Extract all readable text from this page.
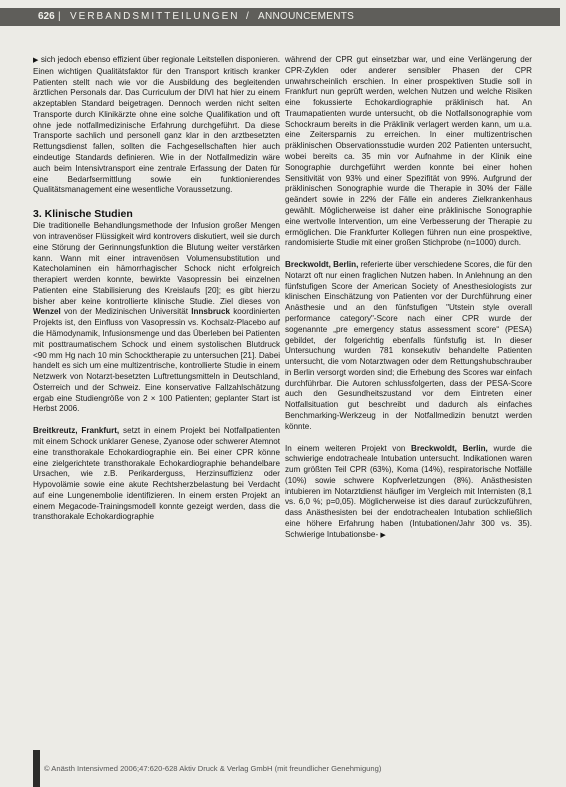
626 | VERBANDSMITTEILUNGEN / ANNOUNCEMENTS

▶ sich jedoch ebenso effizient über regionale Leitstellen disponieren. Einen wichtigen Qualitätsfaktor für den Transport kritisch kranker Patienten stellt nach wie vor die Ausbildung des begleitenden ärztlichen Personals dar. Das Curriculum der DIVI hat hier zu einem akzeptablen Standard beigetragen. Dennoch werden nicht selten Transporte durch Klinikärzte ohne eine solche Qualifikation und oft ohne jede notfallmedizinische Erfahrung durchgeführt. Da diese Transporte sachlich und personell ganz klar in den arztbesetzten Rettungsdienst fallen, sollten die Fachgesellschaften hier auch eindeutige Standards definieren. Wie in der Notfallmedizin wäre auch beim Intensivtransport eine zentrale Erfassung der Daten für eine Bedarfsermittlung sowie ein funktionierendes Qualitätsmanagement eine wesentliche Voraussetzung.

3. Klinische Studien

Die traditionelle Behandlungsmethode der Infusion großer Mengen von intravenöser Flüssigkeit wird kontrovers diskutiert, weil sie durch eine Störung der Gerinnungsfunktion die Blutung weiter verstärken kann. Wann mit einer intravenösen Volumensubstitution und Katecholaminen ein hämorrhagischer Schock nicht erfolgreich therapiert werden konnte, bewirkte Vasopressin bei einzelnen Patienten eine Stabilisierung des Kreislaufs [20]; es gibt hierzu bisher aber keine kontrollierte klinische Studie. Ziel dieses von Wenzel von der Medizinischen Universität Innsbruck koordinierten Projekts ist, den Einfluss von Vasopressin vs. Kochsalz-Placebo auf die Hämodynamik, Infusionsmenge und das Überleben bei Patienten mit posttraumatischem Schock und einem systolischen Blutdruck <90 mm Hg nach 10 min Schocktherapie zu untersuchen [21]. Dabei handelt es sich um eine multizentrische, kontrollierte Studie in einem Netzwerk von Notarzt-besetzten Luftrettungsmitteln in Deutschland, Österreich und der Schweiz. Eine konservative Fallzahlschätzung ergab eine Studiengröße von 2 × 100 Patienten; geplanter Start ist Herbst 2006.

Breitkreutz, Frankfurt, setzt in einem Projekt bei Notfallpatienten mit einem Schock unklarer Genese, Zyanose oder schwerer Atemnot eine transthorakale Echokardiographie ein. Bei einer CPR könne eine zielgerichtete transthorakale Echokardiographie behandelbare Ursachen, wie z.B. Perikarderguss, Herzinsuffizienz oder Hypovolämie sowie eine akute Rechtsherzbelastung bei Verdacht auf eine Lungenembolie identifizieren. In einem ersten Projekt an einem Megacode-Trainingsmodell konnte gezeigt werden, dass die transthorakale Echokardiographie

während der CPR gut einsetzbar war, und eine Verlängerung der CPR-Zyklen oder anderer sensibler Phasen der CPR unwahrscheinlich erschien. In einer prospektiven Studie soll in Frankfurt nun geprüft werden, welchen Nutzen und welche Risiken eine fokussierte Echokardiographie präklinisch hat. An Traumapatienten wurde untersucht, ob die Notfallsonographie vom Schockraum bereits in die Präklinik verlagert werden kann, um u.a. eine Zeitersparnis zu erreichen. In einer multizentrischen präklinischen Observationsstudie wurden 202 Patienten untersucht, wobei bereits ca. 35 min vor Aufnahme in der Klinik eine Sonographie durchgeführt werden konnte bei einer hohen Sensitivität von 93% und einer Spezifität von 99%. Aufgrund der präklinischen Sonographie wurde die Therapie in 30% der Fälle geändert sowie in 22% der Fälle ein anderes Zielkrankenhaus gewählt. Möglicherweise ist daher eine präklinische Sonographie eine wertvolle Intervention, um eine Verbesserung der Therapie zu ermöglichen. Die Frankfurter Kollegen führen nun eine prospektive, randomisierte Studie mit einer großen Stichprobe (n=1000) durch.

Breckwoldt, Berlin, referierte über verschiedene Scores, die für den Notarzt oft nur einen fraglichen Nutzen haben. In Anlehnung an den fünfstufigen Score der American Society of Anesthesiologists zur klinischen Einschätzung von Patienten vor der Durchführung einer Anästhesie und an den fünfstufigen "Utstein style overall performance category"-Score nach einer CPR wurde der sogenannte „pre emergency status assessment score“ (PESA) gebildet, der folgerichtig ebenfalls fünfstufig ist. In dieser Untersuchung wurden 781 konsekutiv behandelte Patienten untersucht, die vom Notarztwagen oder dem Rettungshubschrauber in Berlin versorgt worden sind; die Erhebung des Scores war einfach durchführbar. Die Autoren schlussfolgerten, dass der PESA-Score auch den Gesundheitszustand vor dem Eintreten einer Notfallsituation gut beschreibt und dadurch als einfaches Benchmarking-Werkzeug in der Notfallmedizin benutzt werden könnte.

In einem weiteren Projekt von Breckwoldt, Berlin, wurde die schwierige endotracheale Intubation untersucht. Indikationen waren zum größten Teil CPR (63%), Koma (14%), respiratorische Notfälle (10%) sowie schwere Kopfverletzungen (8%). Anästhesisten intubieren im Notarztdienst häufiger im Vergleich mit Internisten (8,1 vs. 6,0 %; p=0,05). Möglicherweise ist dies darauf zurückzuführen, dass Anästhesisten bei der endotrachealen Intubation schließlich eine höhere Erfahrung haben (Intubationen/Jahr 300 vs. 35). Schwierige Intubationsbe- ▶

© Anästh Intensivmed 2006;47:620-628 Aktiv Druck & Verlag GmbH (mit freundlicher Genehmigung)
